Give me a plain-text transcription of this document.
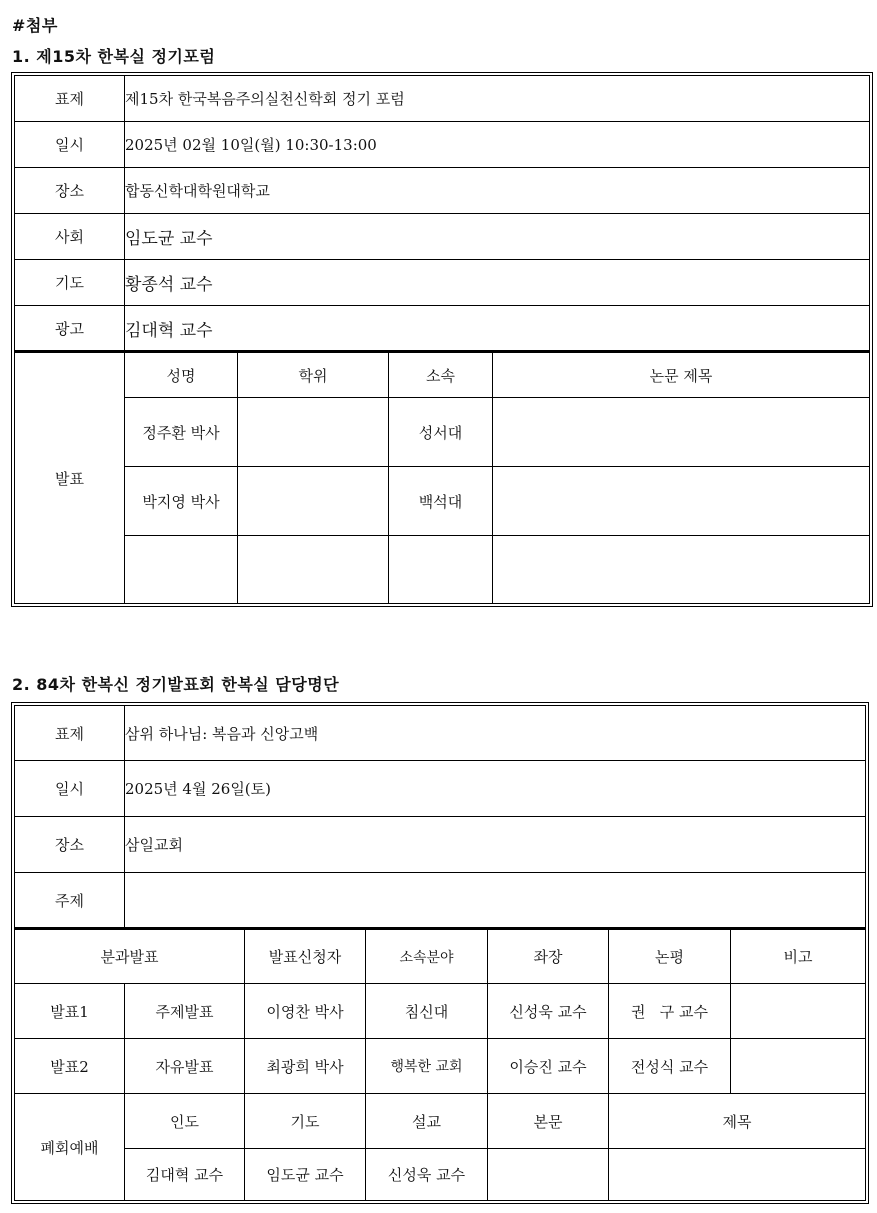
#첨부
1. 제15차 한복실 정기포럼
표제	제15차 한국복음주의실천신학회 정기 포럼			
일시	2025년 02월 10일(월) 10:30-13:00			
장소	합동신학대학원대학교			
사회	임도균 교수			
기도	황종석 교수			
광고	김대혁 교수			
발표	성명	학위	소속	논문 제목
	정주환 박사		성서대	
	박지영 박사		백석대	

2. 84차 한복신 정기발표회 한복실 담당명단
표제	삼위 하나님: 복음과 신앙고백					
일시	2025년 4월 26일(토)					
장소	삼일교회					
주제						
분과발표		발표신청자	소속분야	좌장	논평	비고
발표1	주제발표	이영찬 박사	침신대	신성욱 교수	권   구 교수	
발표2	자유발표	최광희 박사	행복한 교회	이승진 교수	전성식 교수	
폐회예배	인도	기도	설교	본문	제목	
	김대혁 교수	임도균 교수	신성욱 교수			
